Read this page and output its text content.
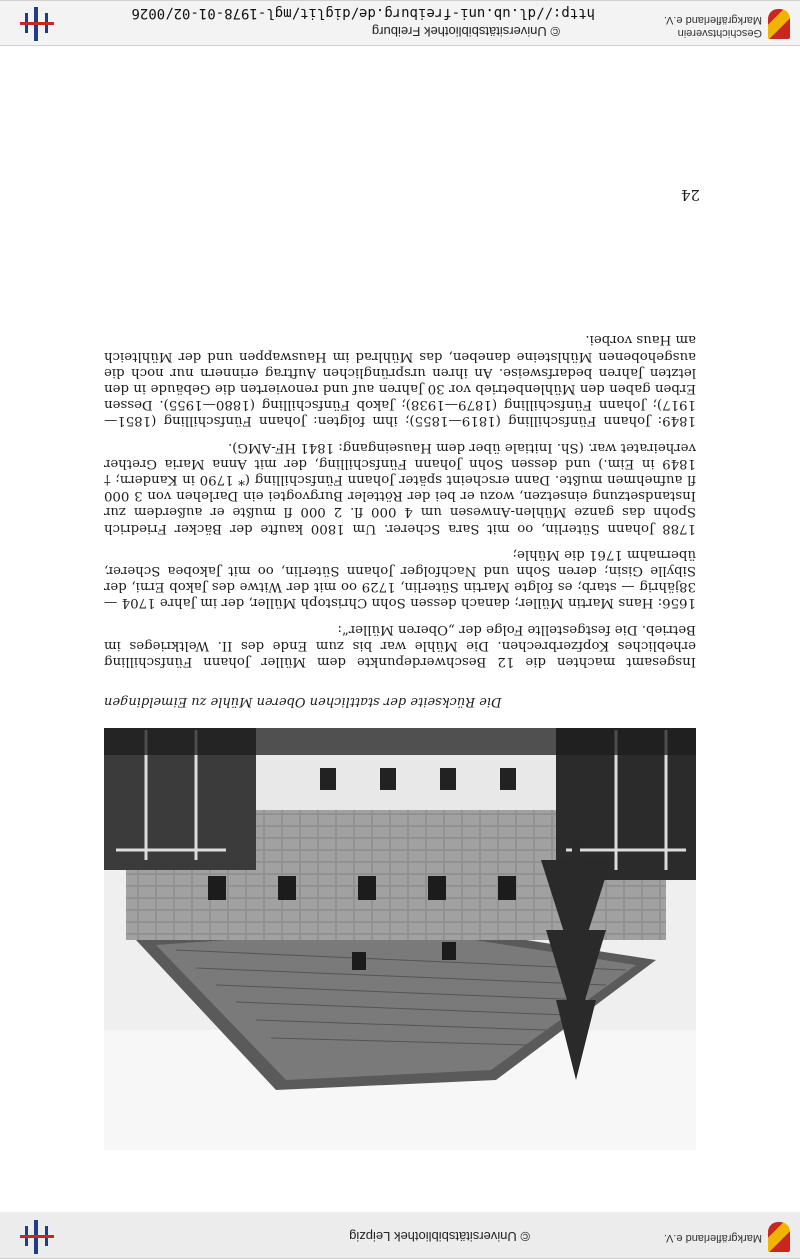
Geschichtsverein
Markgräflerland e.V.
© Universitätsbibliothek Freiburg
http://dl.ub.uni-freiburg.de/diglit/mgl-1978-01-02/0026
Markgräflerland e.V.
© Universitätsbibliothek Leipzig
Die Rückseite der stattlichen Oberen Mühle zu Eimeldingen

Insgesamt machten die 12 Beschwerdepunkte dem Müller Johann Fünfschilling erhebliches Kopfzerbrechen. Die Mühle war bis zum Ende des II. Weltkrieges im Betrieb. Die festgestellte Folge der „Oberen Müller“:

1656: Hans Martin Müller; danach dessen Sohn Christoph Müller, der im Jahre 1704 — 38jährig — starb; es folgte Martin Süterlin, 1729 oo mit der Witwe des Jakob Erni, der Sibylle Gisin; deren Sohn und Nachfolger Johann Süterlin, oo mit Jakobea Scherer, übernahm 1761 die Mühle;

1788 Johann Süterlin, oo mit Sara Scherer. Um 1800 kaufte der Bäcker Friedrich Spohn das ganze Mühlen-Anwesen um 4 000 fl. 2 000 fl mußte er außerdem zur Instandsetzung einsetzen, wozu er bei der Rötteler Burgvogtei ein Darlehen von 3 000 fl aufnehmen mußte. Dann erscheint später Johann Fünfschilling (* 1790 in Kandern; † 1849 in Eim.) und dessen Sohn Johann Fünfschilling, der mit Anna Maria Grether verheiratet war. (Sh. Initiale über dem Hauseingang: 1841 HF-AMG).

1849: Johann Fünfschilling (1819—1855); ihm folgten: Johann Fünfschilling (1851—1917); Johann Fünfschilling (1879—1938); Jakob Fünfschilling (1880—1955). Dessen Erben gaben den Mühlenbetrieb vor 30 Jahren auf und renovierten die Gebäude in den letzten Jahren bedarfsweise. An ihren ursprünglichen Auftrag erinnern nur noch die ausgehobenen Mühlsteine daneben, das Mühlrad im Hauswappen und der Mühlteich am Haus vorbei.

24
